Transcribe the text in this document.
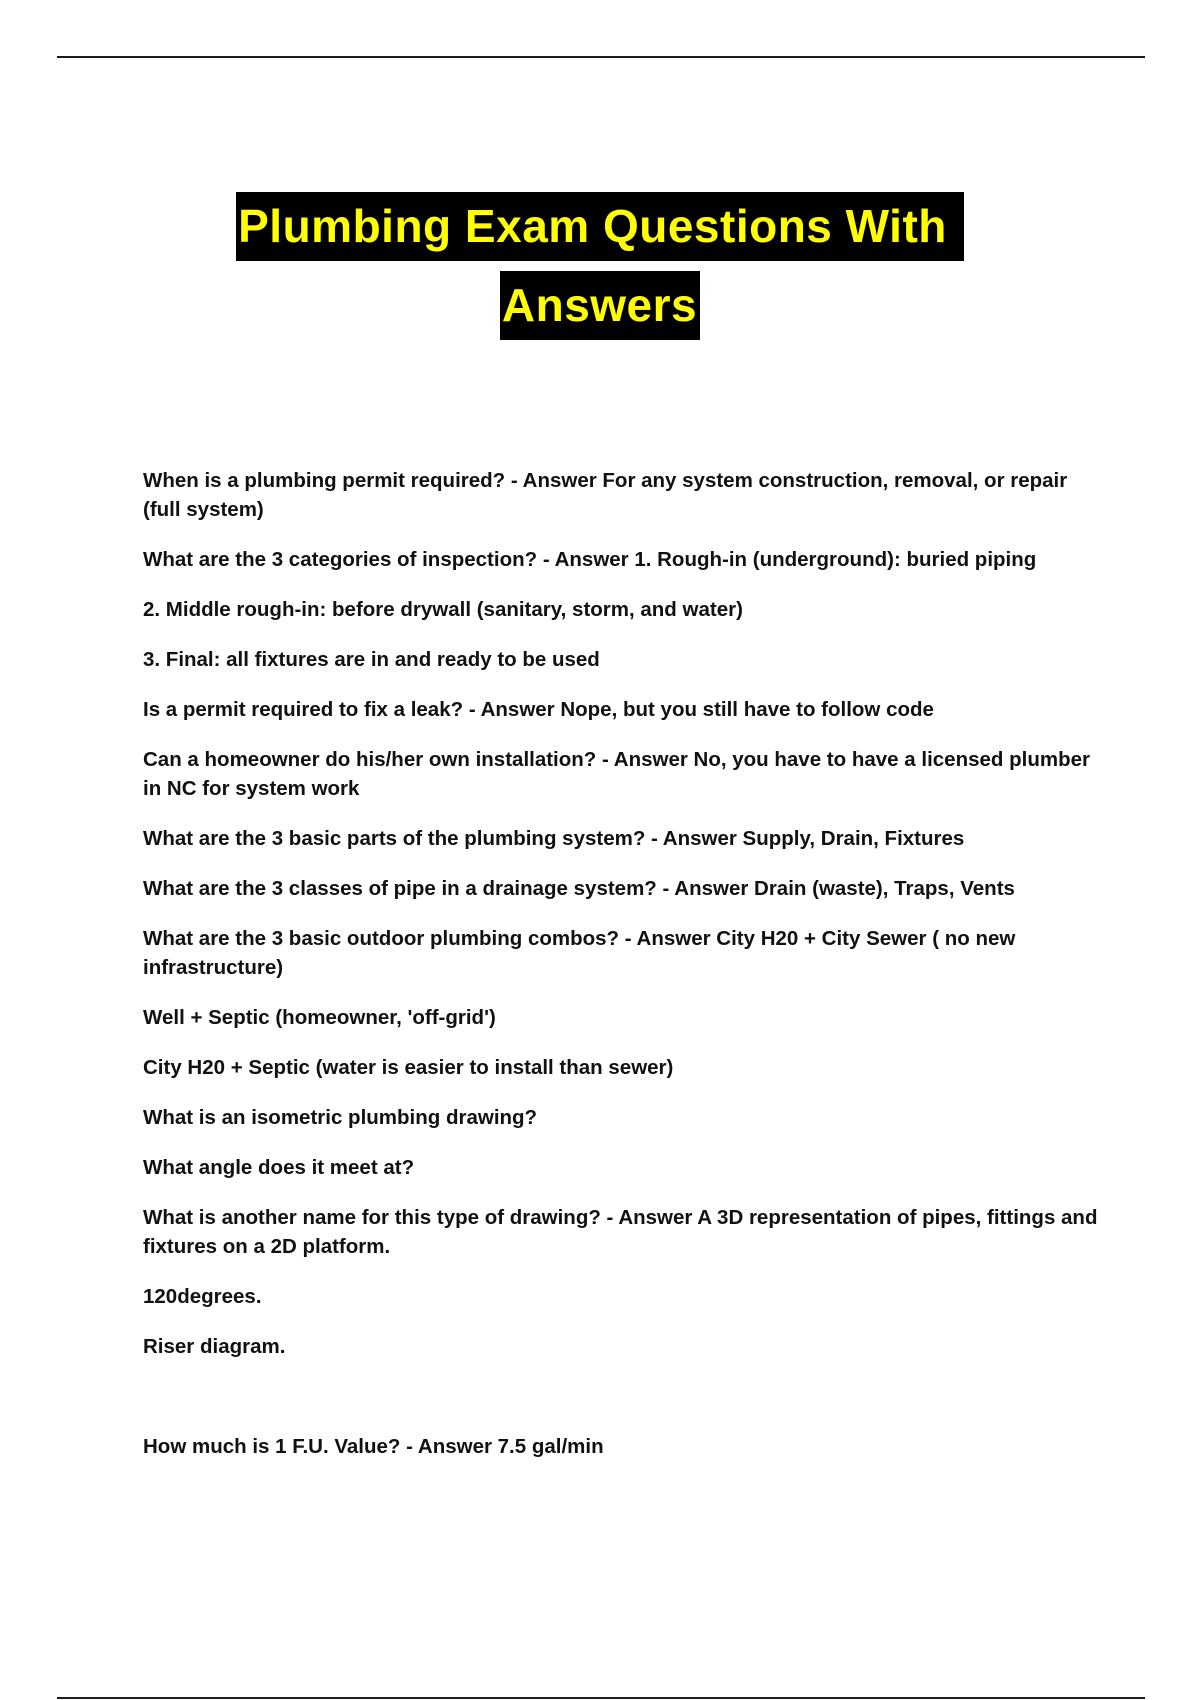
Plumbing Exam Questions With
Answers

When is a plumbing permit required? - Answer For any system construction, removal, or repair (full system)

What are the 3 categories of inspection? - Answer 1. Rough-in (underground): buried piping

2. Middle rough-in: before drywall (sanitary, storm, and water)

3. Final: all fixtures are in and ready to be used

Is a permit required to fix a leak? - Answer Nope, but you still have to follow code

Can a homeowner do his/her own installation? - Answer No, you have to have a licensed plumber in NC for system work

What are the 3 basic parts of the plumbing system? - Answer Supply, Drain, Fixtures

What are the 3 classes of pipe in a drainage system? - Answer Drain (waste), Traps, Vents

What are the 3 basic outdoor plumbing combos? - Answer City H20 + City Sewer ( no new infrastructure)

Well + Septic (homeowner, 'off-grid')

City H20 + Septic (water is easier to install than sewer)

What is an isometric plumbing drawing?

What angle does it meet at?

What is another name for this type of drawing? - Answer A 3D representation of pipes, fittings and fixtures on a 2D platform.

120degrees.

Riser diagram.

How much is 1 F.U. Value? - Answer 7.5 gal/min
